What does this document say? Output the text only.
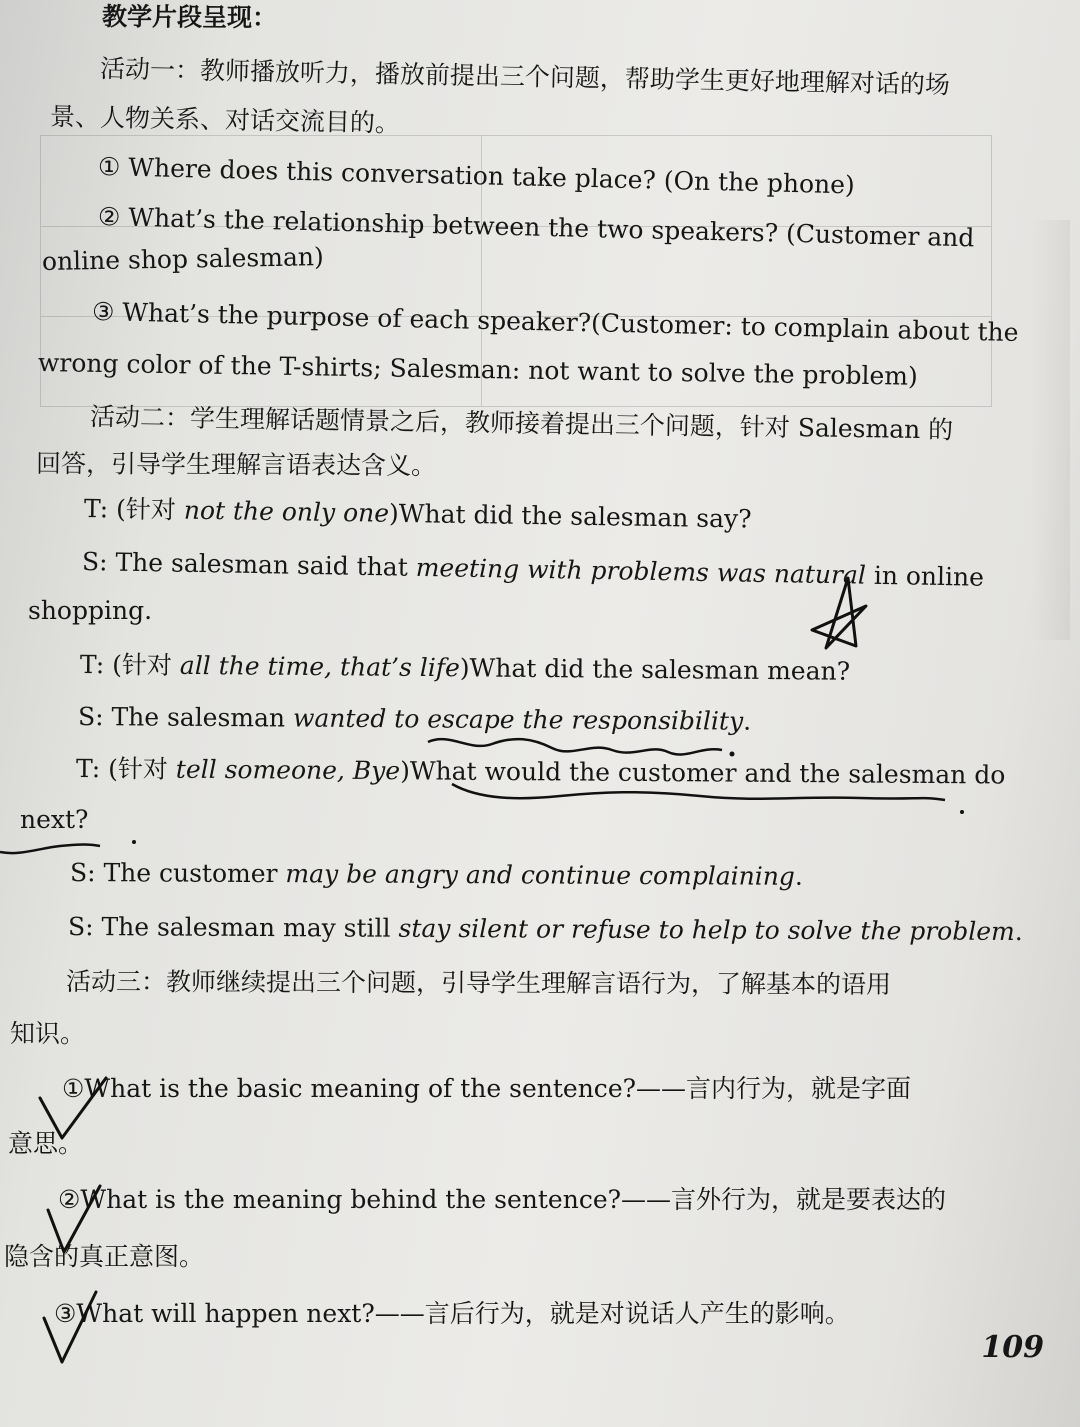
教学片段呈现：
活动一：教师播放听力，播放前提出三个问题，帮助学生更好地理解对话的场
景、人物关系、对话交流目的。
① Where does this conversation take place? (On the phone)
② What’s the relationship between the two speakers? (Customer and
online shop salesman)
③ What’s the purpose of each speaker?(Customer: to complain about the
wrong color of the T-shirts; Salesman: not want to solve the problem)
活动二：学生理解话题情景之后，教师接着提出三个问题，针对 Salesman 的
回答，引导学生理解言语表达含义。
T: (针对 not the only one)What did the salesman say?
S: The salesman said that meeting with problems was natural in online
shopping.
T: (针对 all the time, that’s life)What did the salesman mean?
S: The salesman wanted to escape the responsibility.
T: (针对 tell someone, Bye)What would the customer and the salesman do
next?
S: The customer may be angry and continue complaining.
S: The salesman may still stay silent or refuse to help to solve the problem.
活动三：教师继续提出三个问题，引导学生理解言语行为，了解基本的语用
知识。
①What is the basic meaning of the sentence?——言内行为，就是字面
意思。
②What is the meaning behind the sentence?——言外行为，就是要表达的
隐含的真正意图。
③What will happen next?——言后行为，就是对说话人产生的影响。
109
